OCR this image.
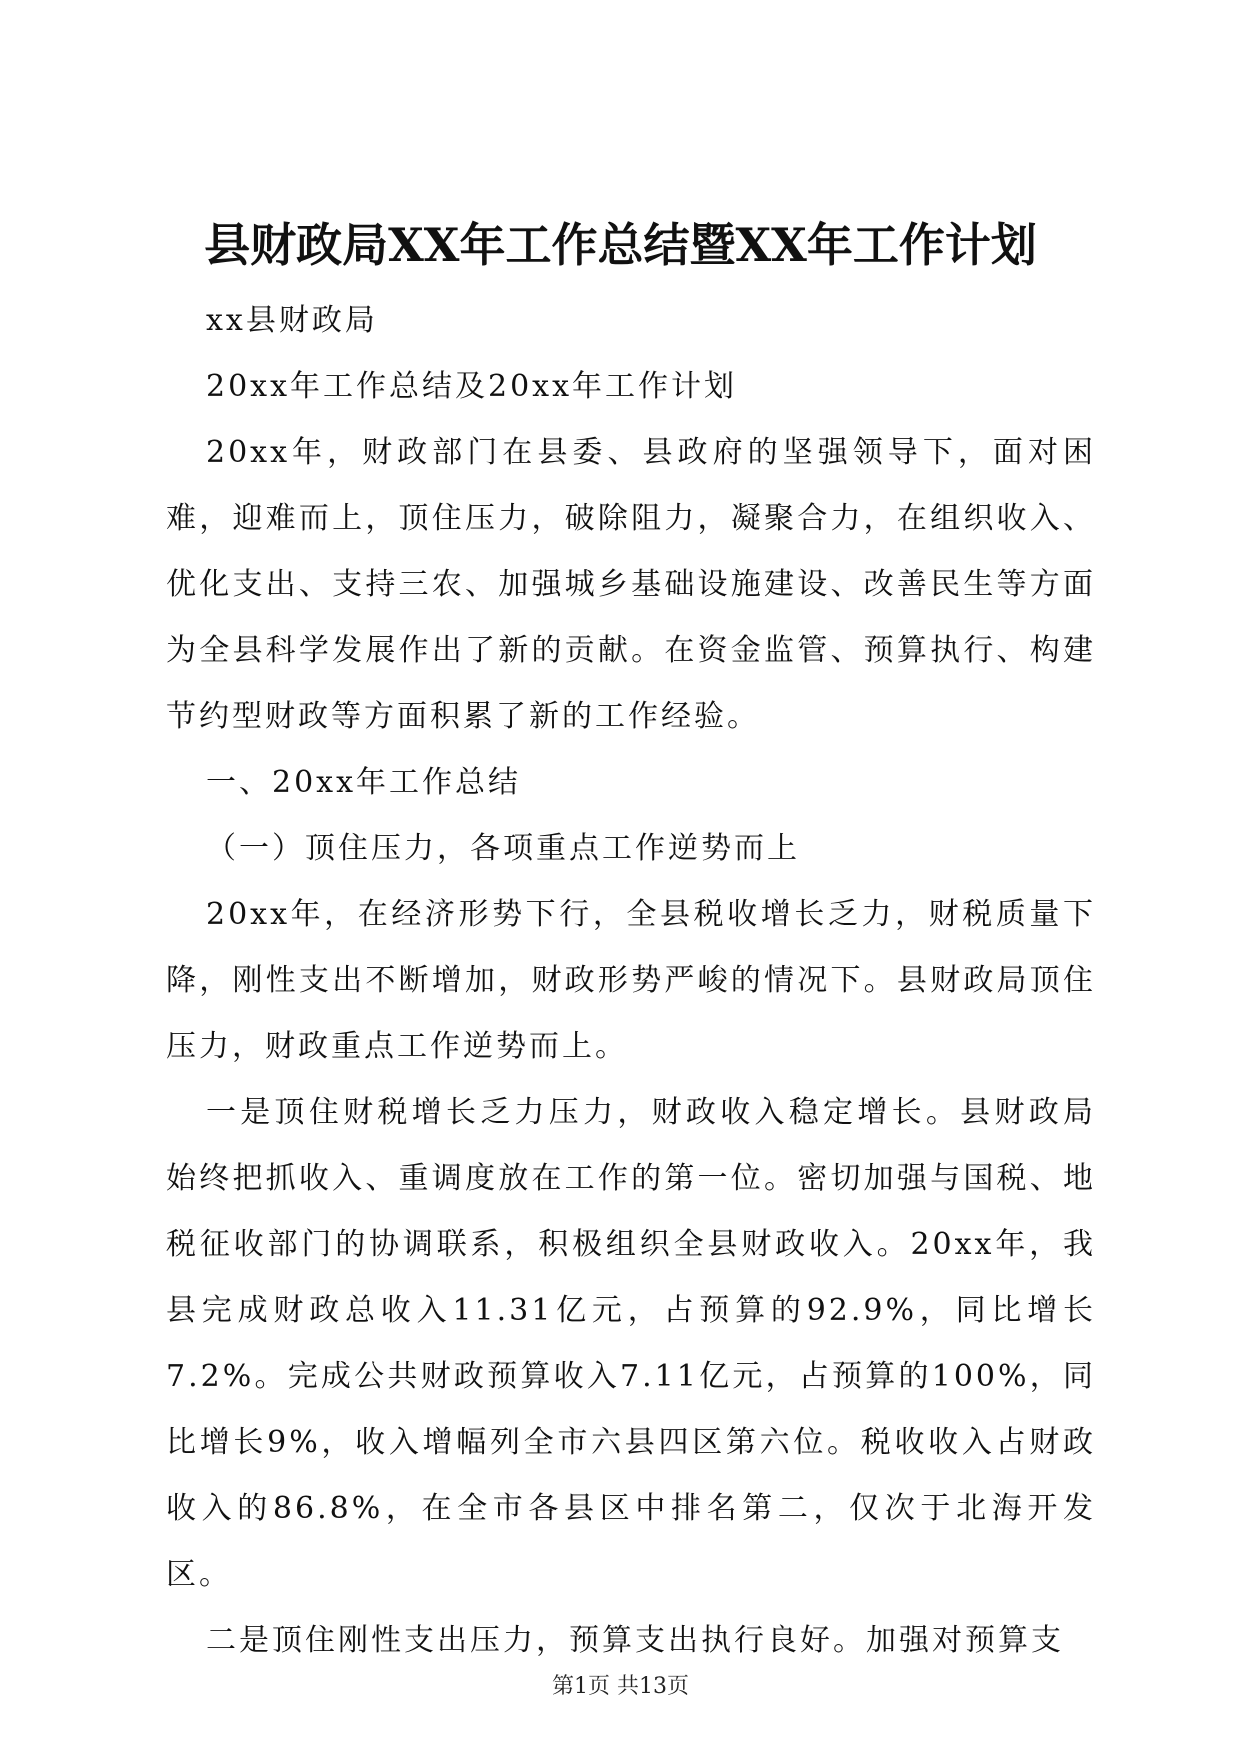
县财政局XX年工作总结暨XX年工作计划

xx县财政局

20xx年工作总结及20xx年工作计划

20xx年，财政部门在县委、县政府的坚强领导下，面对困难，迎难而上，顶住压力，破除阻力，凝聚合力，在组织收入、优化支出、支持三农、加强城乡基础设施建设、改善民生等方面为全县科学发展作出了新的贡献。在资金监管、预算执行、构建节约型财政等方面积累了新的工作经验。

一、20xx年工作总结

（一）顶住压力，各项重点工作逆势而上

20xx年，在经济形势下行，全县税收增长乏力，财税质量下降，刚性支出不断增加，财政形势严峻的情况下。县财政局顶住压力，财政重点工作逆势而上。

一是顶住财税增长乏力压力，财政收入稳定增长。县财政局始终把抓收入、重调度放在工作的第一位。密切加强与国税、地税征收部门的协调联系，积极组织全县财政收入。20xx年，我县完成财政总收入11.31亿元，占预算的92.9%，同比增长7.2%。完成公共财政预算收入7.11亿元，占预算的100%，同比增长9%，收入增幅列全市六县四区第六位。税收收入占财政收入的86.8%，在全市各县区中排名第二，仅次于北海开发区。

二是顶住刚性支出压力，预算支出执行良好。加强对预算支

第1页 共13页
